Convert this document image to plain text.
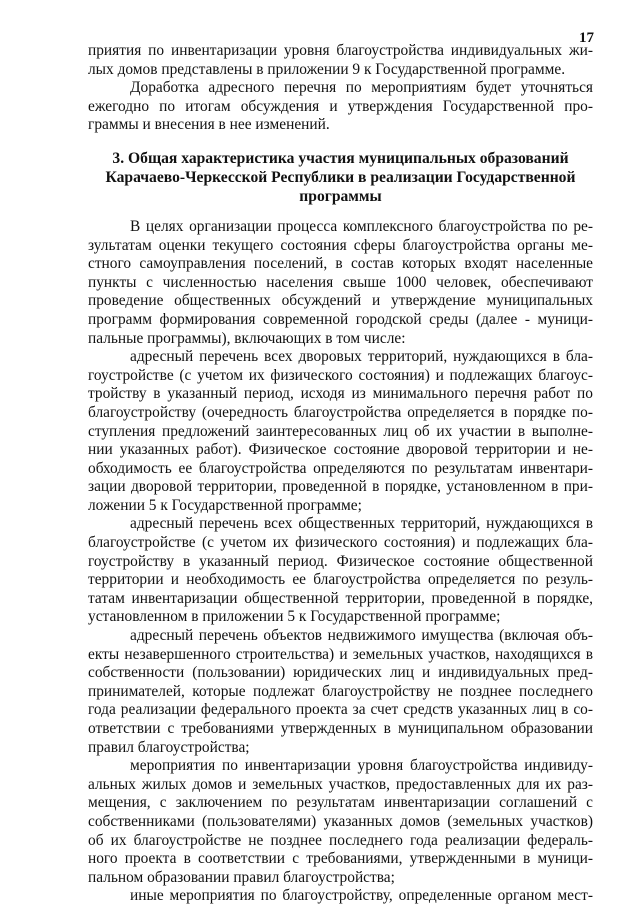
17
приятия по инвентаризации уровня благоустройства индивидуальных жи-
лых домов представлены в приложении 9 к Государственной программе.
Доработка адресного перечня по мероприятиям будет уточняться
ежегодно по итогам обсуждения и утверждения Государственной про-
граммы и внесения в нее изменений.
3. Общая характеристика участия муниципальных образований
Карачаево-Черкесской Республики в реализации Государственной
программы
В целях организации процесса комплексного благоустройства по ре-
зультатам оценки текущего состояния сферы благоустройства органы ме-
стного самоуправления поселений, в состав которых входят населенные
пункты с численностью населения свыше 1000 человек, обеспечивают
проведение общественных обсуждений и утверждение муниципальных
программ формирования современной городской среды (далее - муници-
пальные программы), включающих в том числе:
адресный перечень всех дворовых территорий, нуждающихся в бла-
гоустройстве (с учетом их физического состояния) и подлежащих благоус-
тройству в указанный период, исходя из минимального перечня работ по
благоустройству (очередность благоустройства определяется в порядке по-
ступления предложений заинтересованных лиц об их участии в выполне-
нии указанных работ). Физическое состояние дворовой территории и не-
обходимость ее благоустройства определяются по результатам инвентари-
зации дворовой территории, проведенной в порядке, установленном в при-
ложении 5 к Государственной программе;
адресный перечень всех общественных территорий, нуждающихся в
благоустройстве (с учетом их физического состояния) и подлежащих бла-
гоустройству в указанный период. Физическое состояние общественной
территории и необходимость ее благоустройства определяется по резуль-
татам инвентаризации общественной территории, проведенной в порядке,
установленном в приложении 5 к Государственной программе;
адресный перечень объектов недвижимого имущества (включая объ-
екты незавершенного строительства) и земельных участков, находящихся в
собственности (пользовании) юридических лиц и индивидуальных пред-
принимателей, которые подлежат благоустройству не позднее последнего
года реализации федерального проекта за счет средств указанных лиц в со-
ответствии с требованиями утвержденных в муниципальном образовании
правил благоустройства;
мероприятия по инвентаризации уровня благоустройства индивиду-
альных жилых домов и земельных участков, предоставленных для их раз-
мещения, с заключением по результатам инвентаризации соглашений с
собственниками (пользователями) указанных домов (земельных участков)
об их благоустройстве не позднее последнего года реализации федераль-
ного проекта в соответствии с требованиями, утвержденными в муници-
пальном образовании правил благоустройства;
иные мероприятия по благоустройству, определенные органом мест-
